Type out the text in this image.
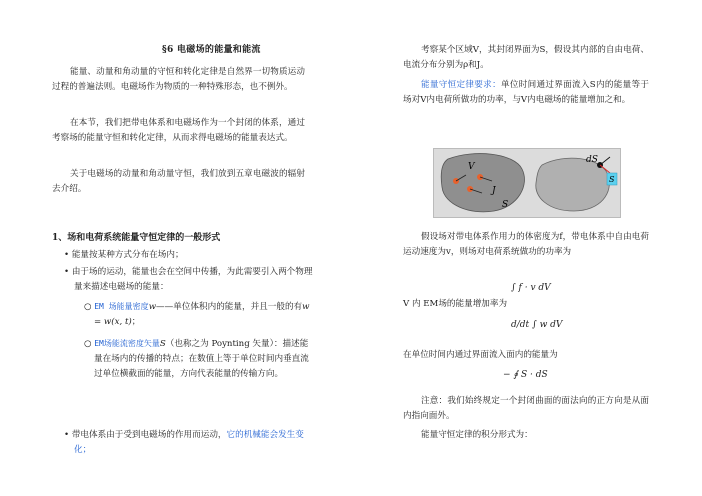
§6 电磁场的能量和能流
能量、动量和角动量的守恒和转化定律是自然界一切物质运动过程的普遍法则。电磁场作为物质的一种特殊形态，也不例外。
在本节，我们把带电体系和电磁场作为一个封闭的体系，通过考察场的能量守恒和转化定律，从而求得电磁场的能量表达式。
关于电磁场的动量和角动量守恒，我们放到五章电磁波的辐射去介绍。
1、场和电荷系统能量守恒定律的一般形式
• 能量按某种方式分布在场内；
• 由于场的运动，能量也会在空间中传播，为此需要引入两个物理量来描述电磁场的能量：
○ EM 场能量密度w——单位体积内的能量，并且一般的有w = w(x, t)；
○ EM场能流密度矢量S（也称之为 Poynting 矢量）：描述能量在场内的传播的特点；在数值上等于单位时间内垂直流过单位横截面的能量，方向代表能量的传输方向。
• 带电体系由于受到电磁场的作用而运动，它的机械能会发生变化；
考察某个区域V，其封闭界面为S，假设其内部的自由电荷、电流分布分别为ρ和J。
能量守恒定律要求：单位时间通过界面流入S内的能量等于场对V内电荷所做功的功率，与V内电磁场的能量增加之和。
假设场对带电体系作用力的体密度为f，带电体系中自由电荷运动速度为v，则场对电荷系统做功的功率为
∫ f · v dV
V 内 EM场的能量增加率为
d/dt ∫ w dV
在单位时间内通过界面流入面内的能量为
− ∮ S · dS
注意：我们始终规定一个封闭曲面的面法向的正方向是从面内指向面外。
能量守恒定律的积分形式为：
V
J
S
S
dS
